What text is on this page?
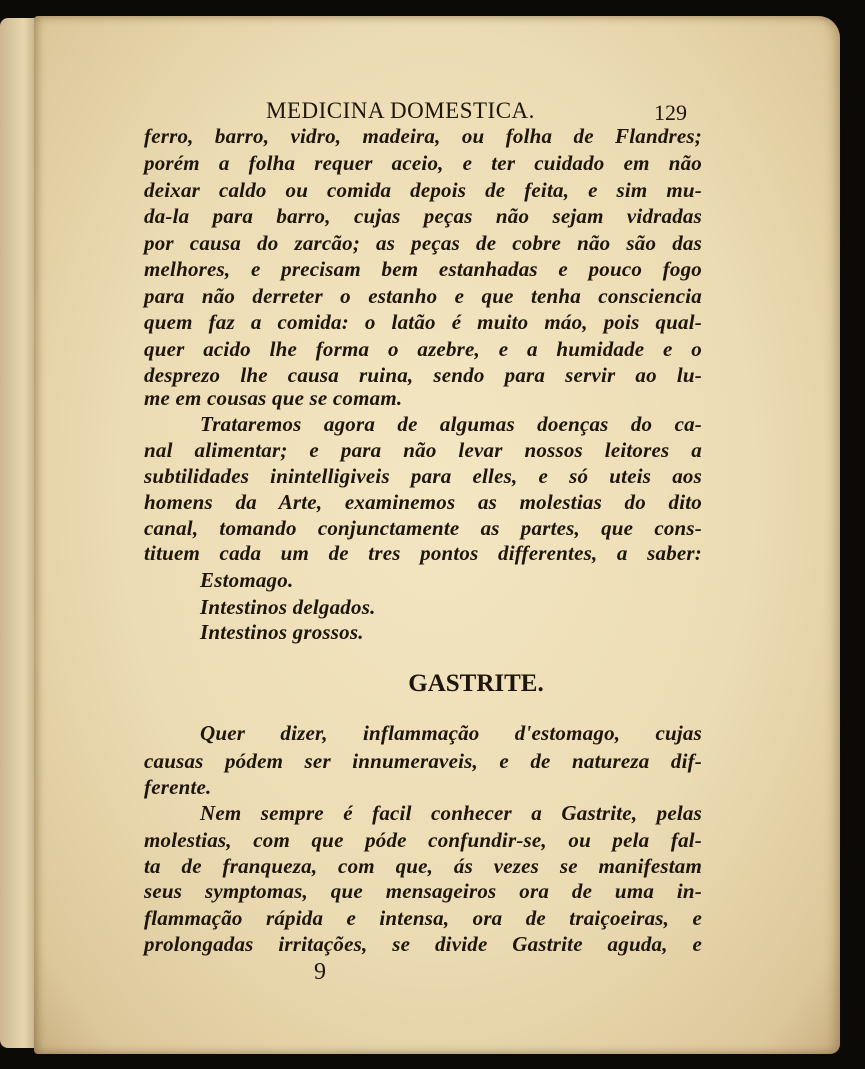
MEDICINA DOMESTICA.	129
ferro, barro, vidro, madeira, ou folha de Flandres;
porém a folha requer aceio, e ter cuidado em não
deixar caldo ou comida depois de feita, e sim mu-
da-la para barro, cujas peças não sejam vidradas
por causa do zarcão; as peças de cobre não são das
melhores, e precisam bem estanhadas e pouco fogo
para não derreter o estanho e que tenha consciencia
quem faz a comida: o latão é muito máo, pois qual-
quer acido lhe forma o azebre, e a humidade e o
desprezo lhe causa ruina, sendo para servir ao lu-
me em cousas que se comam.
Trataremos agora de algumas doenças do ca-
nal alimentar; e para não levar nossos leitores a
subtilidades inintelligiveis para elles, e só uteis aos
homens da Arte, examinemos as molestias do dito
canal, tomando conjunctamente as partes, que cons-
tituem cada um de tres pontos differentes, a saber:
Estomago.
Intestinos delgados.
Intestinos grossos.
GASTRITE.
Quer dizer, inflammação d'estomago, cujas
causas pódem ser innumeraveis, e de natureza dif-
ferente.
Nem sempre é facil conhecer a Gastrite, pelas
molestias, com que póde confundir-se, ou pela fal-
ta de franqueza, com que, ás vezes se manifestam
seus symptomas, que mensageiros ora de uma in-
flammação rápida e intensa, ora de traiçoeiras, e
prolongadas irritações, se divide Gastrite aguda, e
9
